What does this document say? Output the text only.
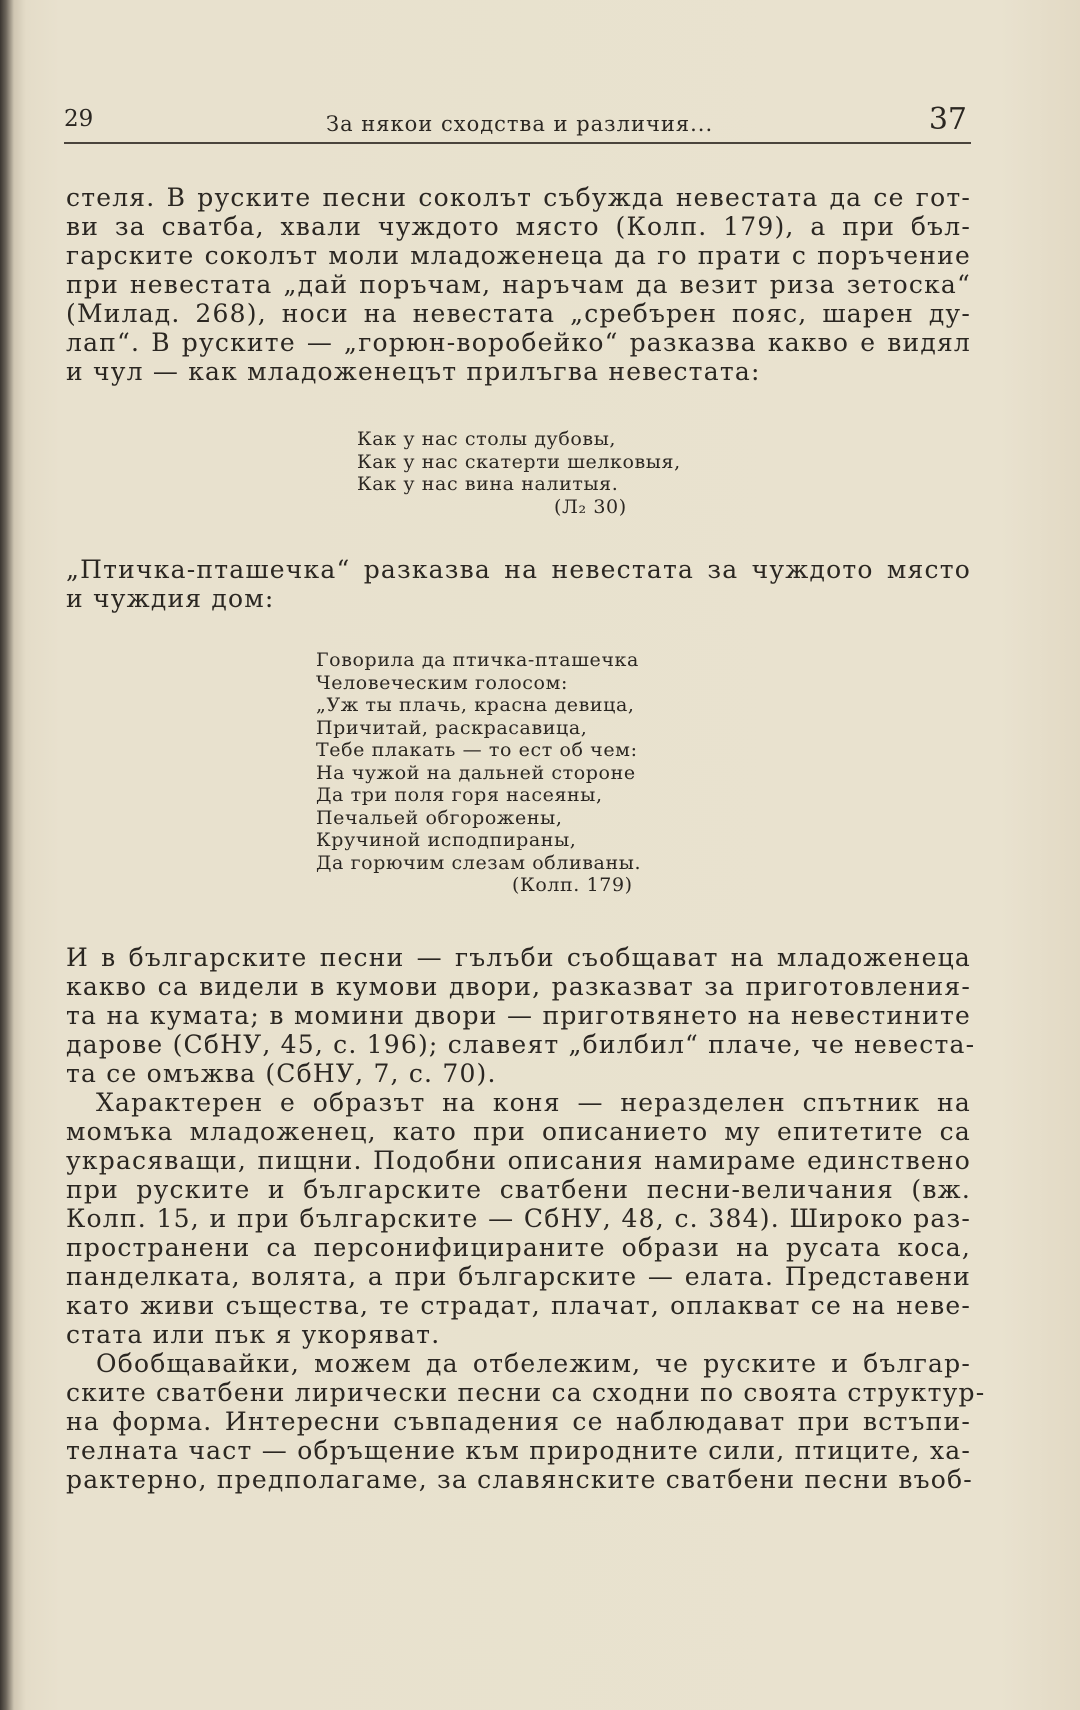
29	За някои сходства и различия...	37
стеля. В руските песни соколът събужда невестата да се гот-
ви за сватба, хвали чуждото място (Колп. 179), а при бъл-
гарските соколът моли младоженеца да го прати с поръчение
при невестата „дай поръчам, наръчам да везит риза зетоска“
(Милад. 268), носи на невестата „сребърен пояс, шарен ду-
лап“. В руските — „горюн-воробейко“ разказва какво е видял
и чул — как младоженецът прилъгва невестата:
Как у нас столы дубовы,
Как у нас скатерти шелковыя,
Как у нас вина налитыя.
(Л₂ 30)
„Птичка-пташечка“ разказва на невестата за чуждото място
и чуждия дом:
Говорила да птичка-пташечка
Человеческим голосом:
„Уж ты плачь, красна девица,
Причитай, раскрасавица,
Тебе плакать — то ест об чем:
На чужой на дальней стороне
Да три поля горя насеяны,
Печальей обгорожены,
Кручиной исподпираны,
Да горючим слезам обливаны.
(Колп. 179)
И в българските песни — гълъби съобщават на младоженеца
какво са видели в кумови двори, разказват за приготовления-
та на кумата; в момини двори — приготвянето на невестините
дарове (СбНУ, 45, с. 196); славеят „билбил“ плаче, че невеста-
та се омъжва (СбНУ, 7, с. 70).
Характерен е образът на коня — неразделен спътник на
момъка младоженец, като при описанието му епитетите са
украсяващи, пищни. Подобни описания намираме единствено
при руските и българските сватбени песни-величания (вж.
Колп. 15, и при българските — СбНУ, 48, с. 384). Широко раз-
пространени са персонифицираните образи на русата коса,
панделката, волята, а при българските — елата. Представени
като живи същества, те страдат, плачат, оплакват се на неве-
стата или пък я укоряват.
Обобщавайки, можем да отбележим, че руските и българ-
ските сватбени лирически песни са сходни по своята структур-
на форма. Интересни съвпадения се наблюдават при встъпи-
телната част — обръщение към природните сили, птиците, ха-
рактерно, предполагаме, за славянските сватбени песни въоб-
